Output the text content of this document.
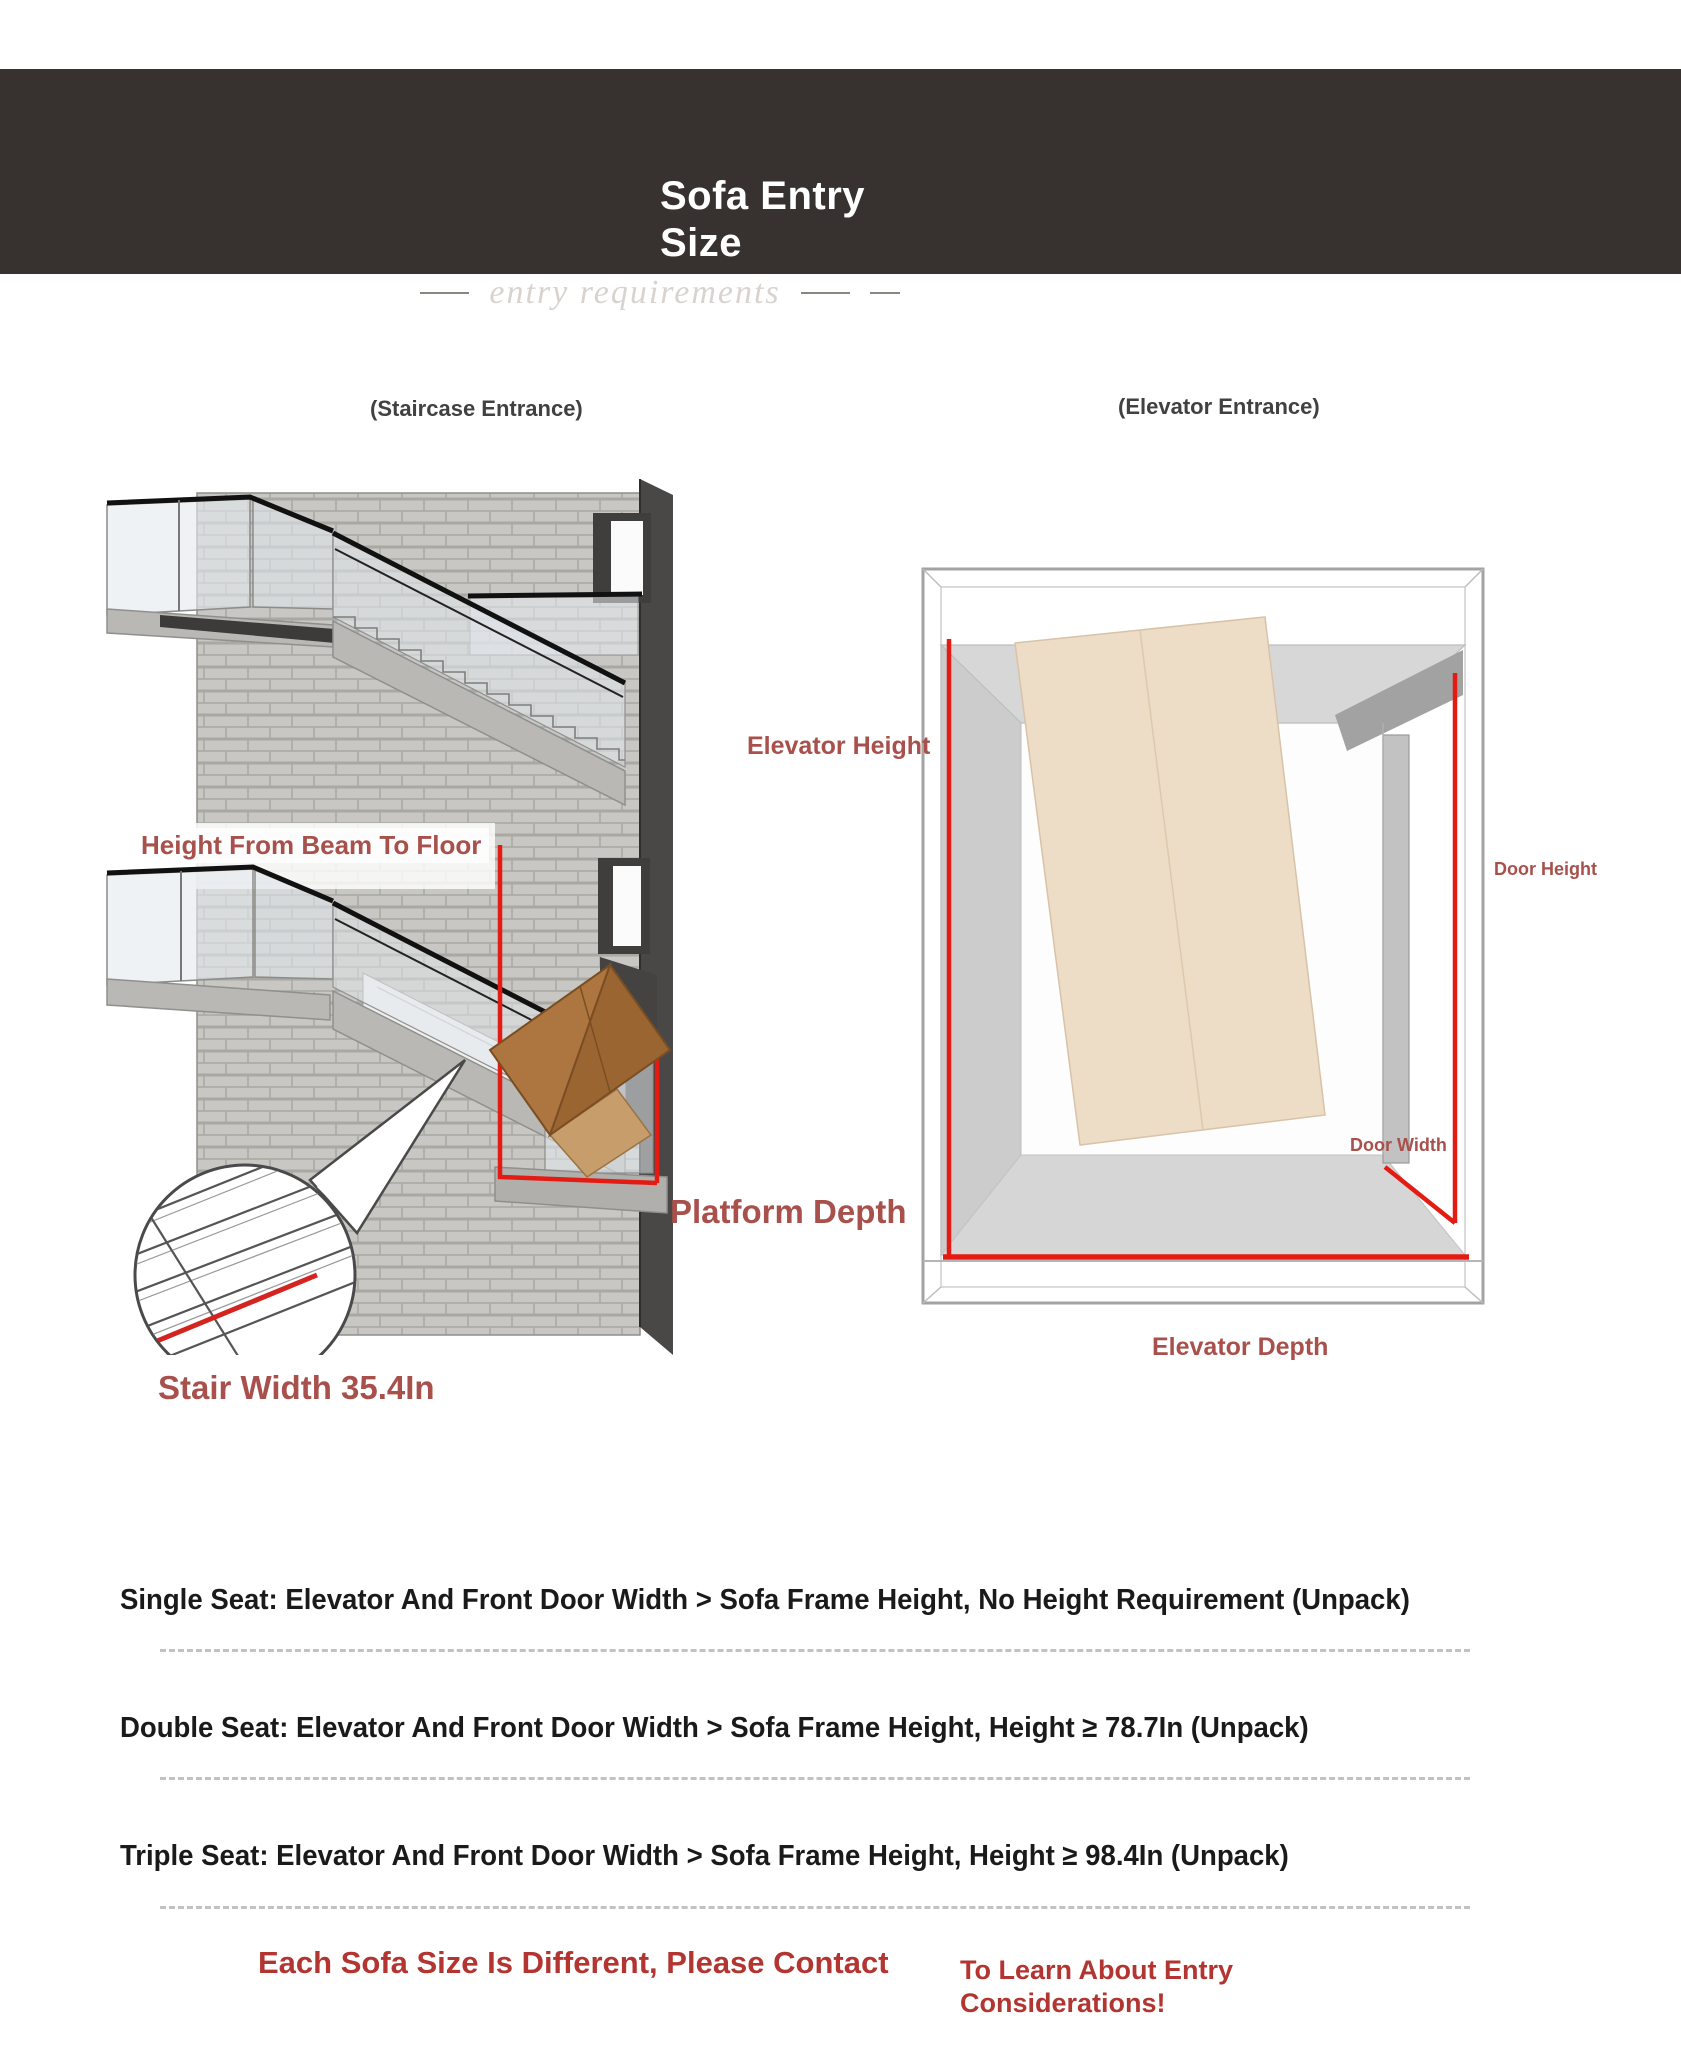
Sofa Entry Size
entry requirements
(Staircase Entrance)	(Elevator Entrance)
Height From Beam To Floor
Platform Depth
Stair Width 35.4In
Elevator Height
Door Height
Door Width
Elevator Depth
Single Seat: Elevator And Front Door Width > Sofa Frame Height, No Height Requirement (Unpack)
Double Seat: Elevator And Front Door Width > Sofa Frame Height, Height ≥ 78.7In (Unpack)
Triple Seat: Elevator And Front Door Width > Sofa Frame Height, Height ≥ 98.4In (Unpack)
Each Sofa Size Is Different, Please Contact	To Learn About Entry Considerations!
